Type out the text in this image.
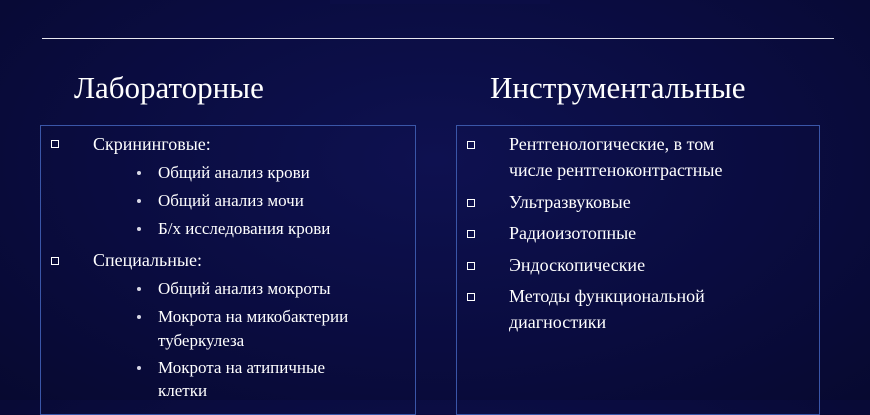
Лабораторные	Инструментальные
Скрининговые:
Общий анализ крови
Общий анализ мочи
Б/х исследования крови
Специальные:
Общий анализ мокроты
Мокрота на микобактерии
туберкулеза
Мокрота на атипичные
клетки
Рентгенологические, в том
числе рентгеноконтрастные
Ультразвуковые
Радиоизотопные
Эндоскопические
Методы функциональной
диагностики
